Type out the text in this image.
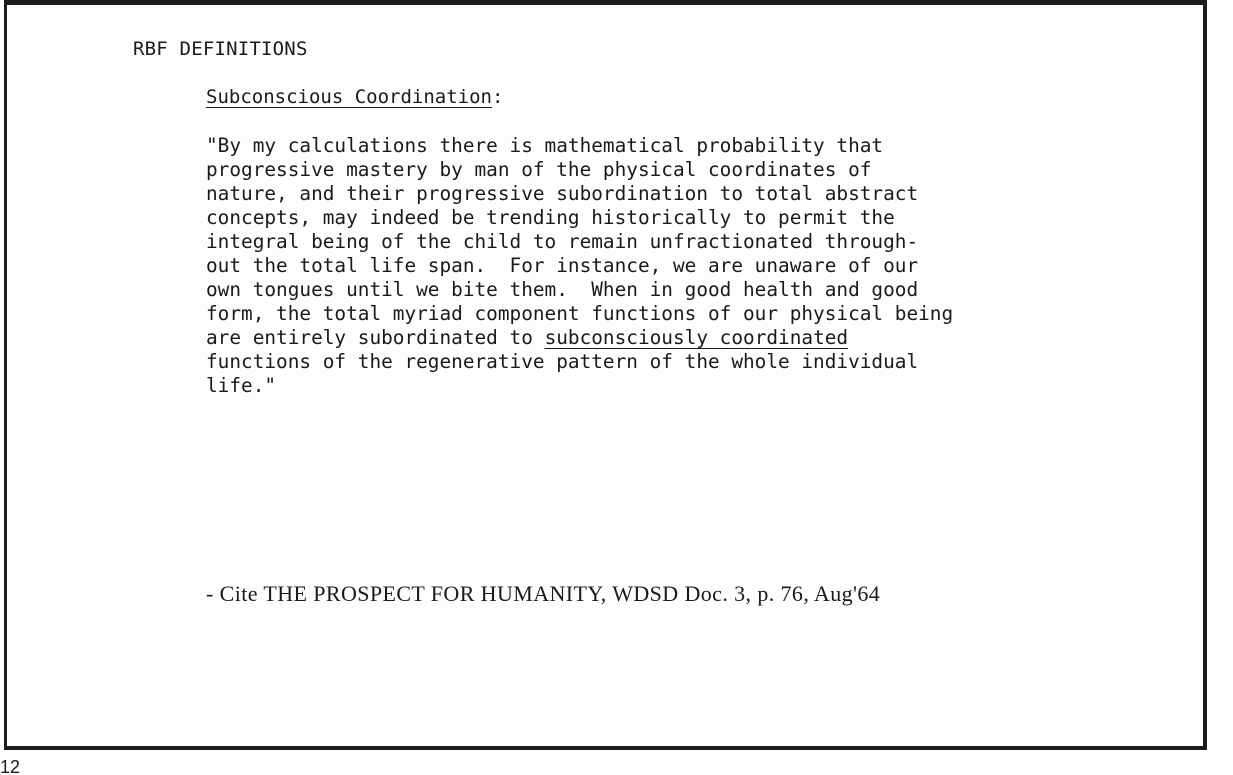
RBF DEFINITIONS
Subconscious Coordination:
"By my calculations there is mathematical probability that
progressive mastery by man of the physical coordinates of
nature, and their progressive subordination to total abstract
concepts, may indeed be trending historically to permit the
integral being of the child to remain unfractionated through-
out the total life span.  For instance, we are unaware of our
own tongues until we bite them.  When in good health and good
form, the total myriad component functions of our physical being
are entirely subordinated to subconsciously coordinated
functions of the regenerative pattern of the whole individual
life."
- Cite THE PROSPECT FOR HUMANITY, WDSD Doc. 3, p. 76, Aug'64
12
